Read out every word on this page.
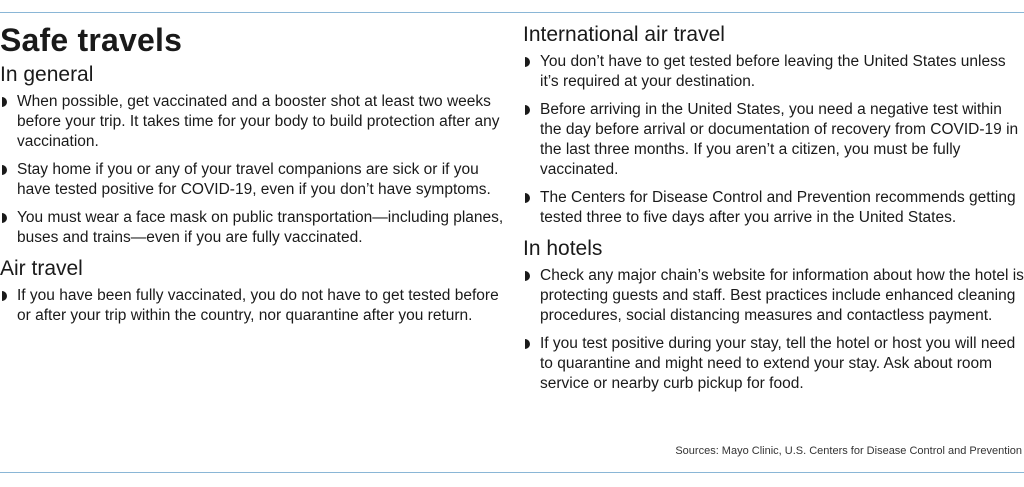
Safe travels
In general
When possible, get vaccinated and a booster shot at least two weeks before your trip. It takes time for your body to build protection after any vaccination.
Stay home if you or any of your travel companions are sick or if you have tested positive for COVID-19, even if you don’t have symptoms.
You must wear a face mask on public transportation—including planes, buses and trains—even if you are fully vaccinated.
Air travel
If you have been fully vaccinated, you do not have to get tested before or after your trip within the country, nor quarantine after you return.
International air travel
You don’t have to get tested before leaving the United States unless it’s required at your destination.
Before arriving in the United States, you need a negative test within the day before arrival or documentation of recovery from COVID-19 in the last three months. If you aren’t a citizen, you must be fully vaccinated.
The Centers for Disease Control and Prevention recommends getting tested three to five days after you arrive in the United States.
In hotels
Check any major chain’s website for information about how the hotel is protecting guests and staff. Best practices include enhanced cleaning procedures, social distancing measures and contactless payment.
If you test positive during your stay, tell the hotel or host you will need to quarantine and might need to extend your stay. Ask about room service or nearby curb pickup for food.
Sources: Mayo Clinic, U.S. Centers for Disease Control and Prevention
